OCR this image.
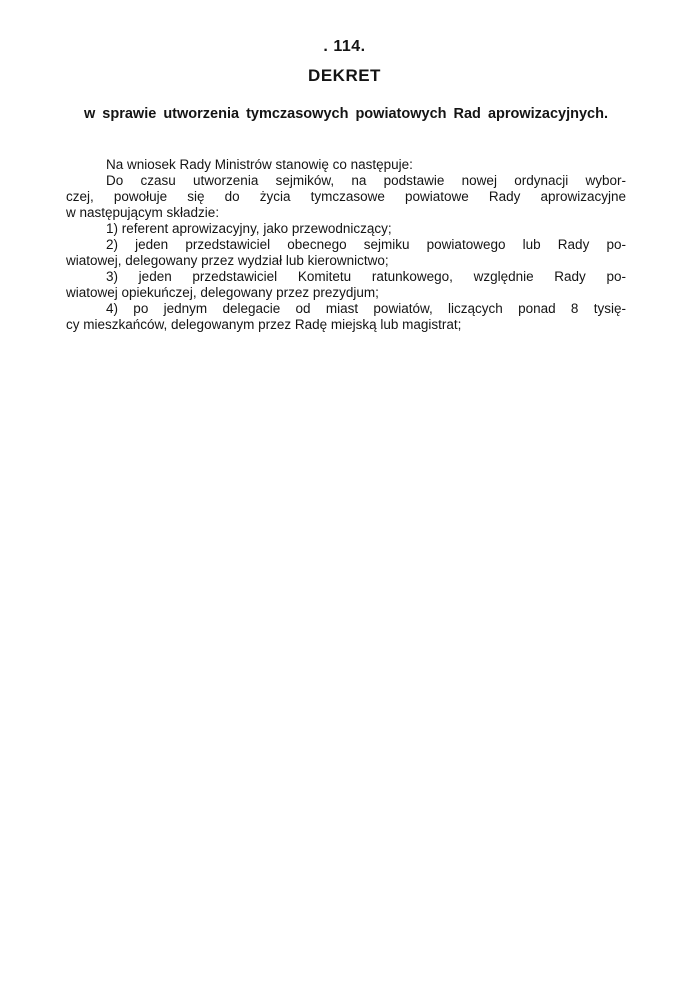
. 114.
DEKRET
w sprawie utworzenia tymczasowych powiatowych Rad aprowizacyjnych.
Na wniosek Rady Ministrów stanowię co następuje:
Do czasu utworzenia sejmików, na podstawie nowej ordynacji wybor-
czej, powołuje się do życia tymczasowe powiatowe Rady aprowizacyjne
w następującym składzie:
1) referent aprowizacyjny, jako przewodniczący;
2) jeden przedstawiciel obecnego sejmiku powiatowego lub Rady po-
wiatowej, delegowany przez wydział lub kierownictwo;
3) jeden przedstawiciel Komitetu ratunkowego, względnie Rady po-
wiatowej opiekuńczej, delegowany przez prezydjum;
4) po jednym delegacie od miast powiatów, liczących ponad 8 tysię-
cy mieszkańców, delegowanym przez Radę miejską lub magistrat;
